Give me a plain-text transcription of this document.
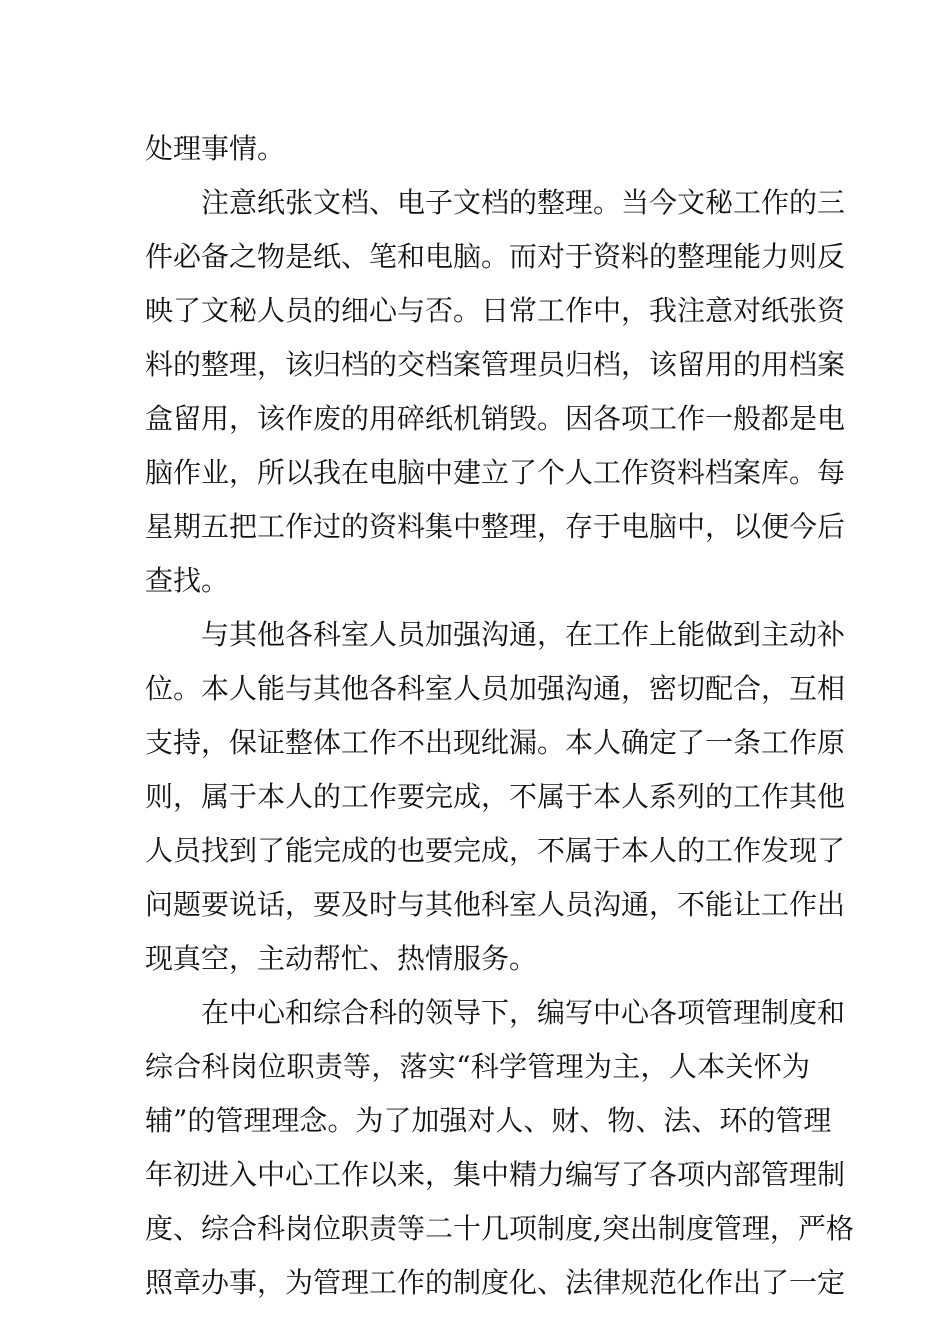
处理事情。
注意纸张文档、电子文档的整理。当今文秘工作的三
件必备之物是纸、笔和电脑。而对于资料的整理能力则反
映了文秘人员的细心与否。日常工作中，我注意对纸张资
料的整理，该归档的交档案管理员归档，该留用的用档案
盒留用，该作废的用碎纸机销毁。因各项工作一般都是电
脑作业，所以我在电脑中建立了个人工作资料档案库。每
星期五把工作过的资料集中整理，存于电脑中，以便今后
查找。
与其他各科室人员加强沟通，在工作上能做到主动补
位。本人能与其他各科室人员加强沟通，密切配合，互相
支持，保证整体工作不出现纰漏。本人确定了一条工作原
则，属于本人的工作要完成，不属于本人系列的工作其他
人员找到了能完成的也要完成，不属于本人的工作发现了
问题要说话，要及时与其他科室人员沟通，不能让工作出
现真空，主动帮忙、热情服务。
在中心和综合科的领导下，编写中心各项管理制度和
综合科岗位职责等，落实“科学管理为主，人本关怀为
辅”的管理理念。为了加强对人、财、物、法、环的管理
年初进入中心工作以来，集中精力编写了各项内部管理制
度、综合科岗位职责等二十几项制度,突出制度管理，严格
照章办事，为管理工作的制度化、法律规范化作出了一定
